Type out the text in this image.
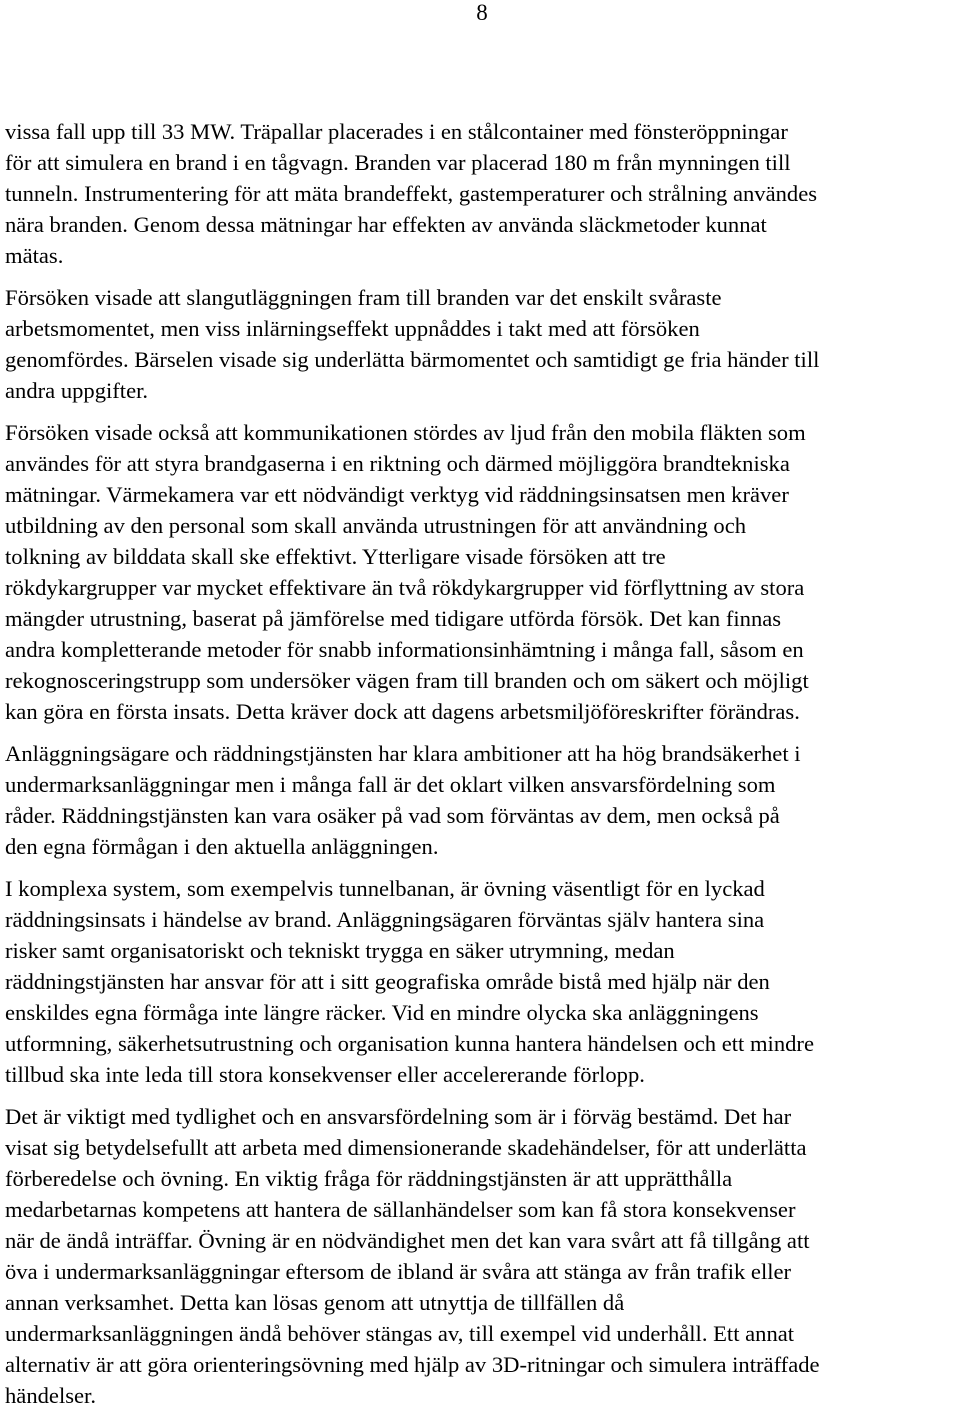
8
vissa fall upp till 33 MW. Träpallar placerades i en stålcontainer med fönsteröppningar
för att simulera en brand i en tågvagn. Branden var placerad 180 m från mynningen till
tunneln. Instrumentering för att mäta brandeffekt, gastemperaturer och strålning användes
nära branden. Genom dessa mätningar har effekten av använda släckmetoder kunnat
mätas.
Försöken visade att slangutläggningen fram till branden var det enskilt svåraste
arbetsmomentet, men viss inlärningseffekt uppnåddes i takt med att försöken
genomfördes. Bärselen visade sig underlätta bärmomentet och samtidigt ge fria händer till
andra uppgifter.
Försöken visade också att kommunikationen stördes av ljud från den mobila fläkten som
användes för att styra brandgaserna i en riktning och därmed möjliggöra brandtekniska
mätningar. Värmekamera var ett nödvändigt verktyg vid räddningsinsatsen men kräver
utbildning av den personal som skall använda utrustningen för att användning och
tolkning av bilddata skall ske effektivt. Ytterligare visade försöken att tre
rökdykargrupper var mycket effektivare än två rökdykargrupper vid förflyttning av stora
mängder utrustning, baserat på jämförelse med tidigare utförda försök. Det kan finnas
andra kompletterande metoder för snabb informationsinhämtning i många fall, såsom en
rekognosceringstrupp som undersöker vägen fram till branden och om säkert och möjligt
kan göra en första insats. Detta kräver dock att dagens arbetsmiljöföreskrifter förändras.
Anläggningsägare och räddningstjänsten har klara ambitioner att ha hög brandsäkerhet i
undermarksanläggningar men i många fall är det oklart vilken ansvarsfördelning som
råder. Räddningstjänsten kan vara osäker på vad som förväntas av dem, men också på
den egna förmågan i den aktuella anläggningen.
I komplexa system, som exempelvis tunnelbanan, är övning väsentligt för en lyckad
räddningsinsats i händelse av brand. Anläggningsägaren förväntas själv hantera sina
risker samt organisatoriskt och tekniskt trygga en säker utrymning, medan
räddningstjänsten har ansvar för att i sitt geografiska område bistå med hjälp när den
enskildes egna förmåga inte längre räcker. Vid en mindre olycka ska anläggningens
utformning, säkerhetsutrustning och organisation kunna hantera händelsen och ett mindre
tillbud ska inte leda till stora konsekvenser eller accelererande förlopp.
Det är viktigt med tydlighet och en ansvarsfördelning som är i förväg bestämd. Det har
visat sig betydelsefullt att arbeta med dimensionerande skadehändelser, för att underlätta
förberedelse och övning. En viktig fråga för räddningstjänsten är att upprätthålla
medarbetarnas kompetens att hantera de sällanhändelser som kan få stora konsekvenser
när de ändå inträffar. Övning är en nödvändighet men det kan vara svårt att få tillgång att
öva i undermarksanläggningar eftersom de ibland är svåra att stänga av från trafik eller
annan verksamhet. Detta kan lösas genom att utnyttja de tillfällen då
undermarksanläggningen ändå behöver stängas av, till exempel vid underhåll. Ett annat
alternativ är att göra orienteringsövning med hjälp av 3D-ritningar och simulera inträffade
händelser.
